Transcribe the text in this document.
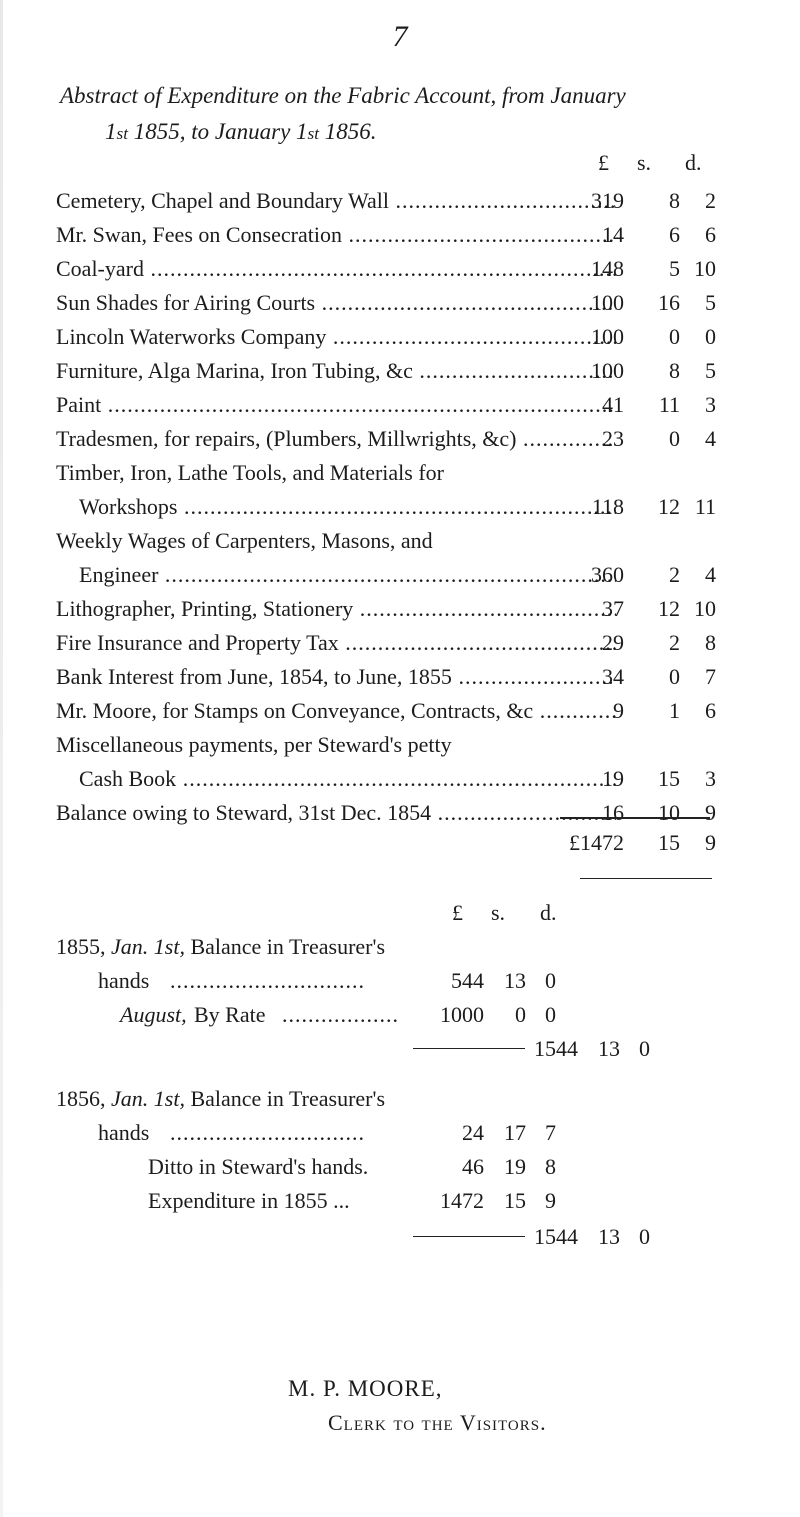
7
Abstract of Expenditure on the Fabric Account, from January
1st 1855, to January 1st 1856.
£ s. d.
Cemetery, Chapel and Boundary Wall .....	319	8	2
Mr. Swan, Fees on Consecration .....	14	6	6
Coal-yard .....	148	5 10
Sun Shades for Airing Courts .....	100	16	5
Lincoln Waterworks Company .....	100	0	0
Furniture, Alga Marina, Iron Tubing, &c .....	100	8	5
Paint .....	41	11	3
Tradesmen, for repairs, (Plumbers, Millwrights, &c) .....	23	0	4
Timber, Iron, Lathe Tools, and Materials for
Workshops .....	118	12 11
Weekly Wages of Carpenters, Masons, and
Engineer .....	360	2	4
Lithographer, Printing, Stationery .....	37	12 10
Fire Insurance and Property Tax .....	29	2	8
Bank Interest from June, 1854, to June, 1855 .....	34	0	7
Mr. Moore, for Stamps on Conveyance, Contracts, &c .....	9	1	6
Miscellaneous payments, per Steward's petty
Cash Book .....	19	15	3
Balance owing to Steward, 31st Dec. 1854 .....	16	10	9
£1472	15	9
£ s. d.
1855, Jan. 1st, Balance in Treasurer's
hands ..............................	544 13 0
August, By Rate ..................	1000	0 0
1544 13 0
1856, Jan. 1st, Balance in Treasurer's
hands ..............................	24 17 7
Ditto in Steward's hands.	46 19 8
Expenditure in 1855 ...	1472 15 9
1544 13 0
M. P. MOORE,
Clerk to the Visitors.
